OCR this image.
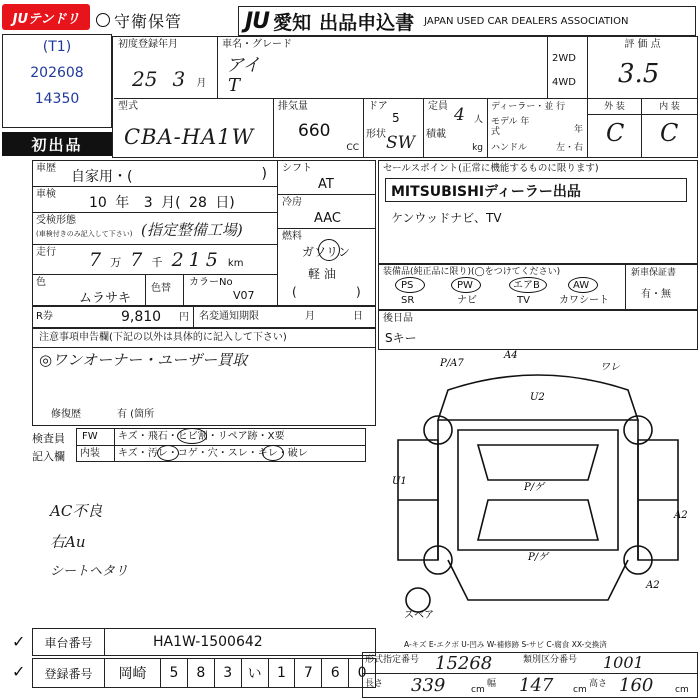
JUテンドリ 守衛保管	JU 愛知 出品申込書 JAPAN USED CAR DEALERS ASSOCIATION
(T1)
202608
14350
初出品
初度登録年月
25 3 月
車名・グレード
アイ
T
2WD
4WD
評 価 点
3.5
型式
CBA-HA1W
排気量
660
CC
ドア
5
形状 SW
定員 4 人
積載
kg
ディーラー・並 行
モデル 年 式	年
ハンドル	左・右
外 装	内 装
C C
車歴
自家用・(	)
車検
10 年 3 月( 28 日)
受検形態
(車検付きのみ記入して下さい) (指定整備工場)
走行 7 万 7 千 215 km
色
ムラサキ
色替
カラーNo
V07
シフト
AT
冷房
AAC
燃料
ガソリン
軽 油
(	)
R券	9,810 円 名変通知期限	月	日
注意事項申告欄(下記の以外は具体的に記入して下さい)
◎ワンオーナー・ユーザー買取
修復歴	有 (箇所
検査員
記入欄
FW キズ・飛石・ヒビ割・リペア跡・X要
内装 キズ・汚レ・コゲ・穴・スレ・キレ・破レ
AC不良
右Au
シートヘタリ
セールスポイント(正常に機能するものに限ります)
MITSUBISHIディーラー出品
ケンウッドナビ、TV
装備品(純正品に限り)(◯をつけてください)
PS	PW	エアB	AW
SR	ナビ	TV	カワシート
新車保証書
有・無
後日品
Sキー
P/A7
A4
ワレ
U2
U1
P/ゲ
P/ゲ
A2
A2
スペア
A-キズ E-エクボ U-凹み W-補修跡 S-サビ C-腐食 XX-交換済
✓	車台番号	HA1W-1500642
✓	登録番号	岡崎	5	8	3	い	1	7	6	0
形式指定番号 15268	類別区分番号 1001
長さ 339	cm
幅 147 cm
高さ 160 cm
